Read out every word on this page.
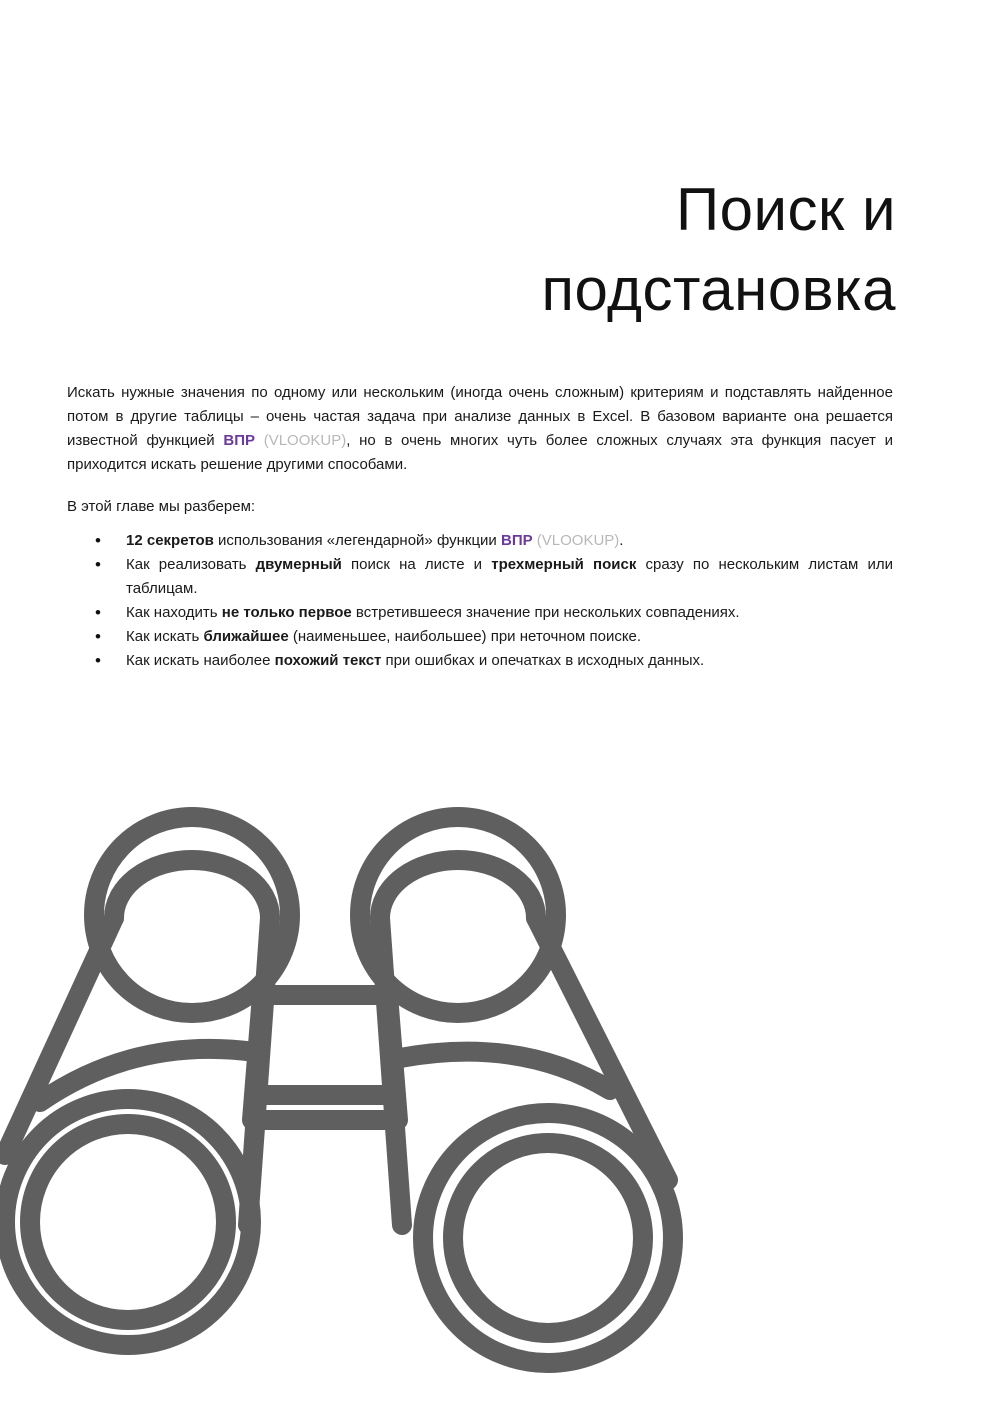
Поиск и
подстановка

Искать нужные значения по одному или нескольким (иногда очень сложным) критериям и подставлять найденное потом в другие таблицы – очень частая задача при анализе данных в Excel. В базовом варианте она решается известной функцией ВПР (VLOOKUP), но в очень многих чуть более сложных случаях эта функция пасует и приходится искать решение другими способами.

В этой главе мы разберем:

• 12 секретов использования «легендарной» функции ВПР (VLOOKUP).
• Как реализовать двумерный поиск на листе и трехмерный поиск сразу по нескольким листам или таблицам.
• Как находить не только первое встретившееся значение при нескольких совпадениях.
• Как искать ближайшее (наименьшее, наибольшее) при неточном поиске.
• Как искать наиболее похожий текст при ошибках и опечатках в исходных данных.
